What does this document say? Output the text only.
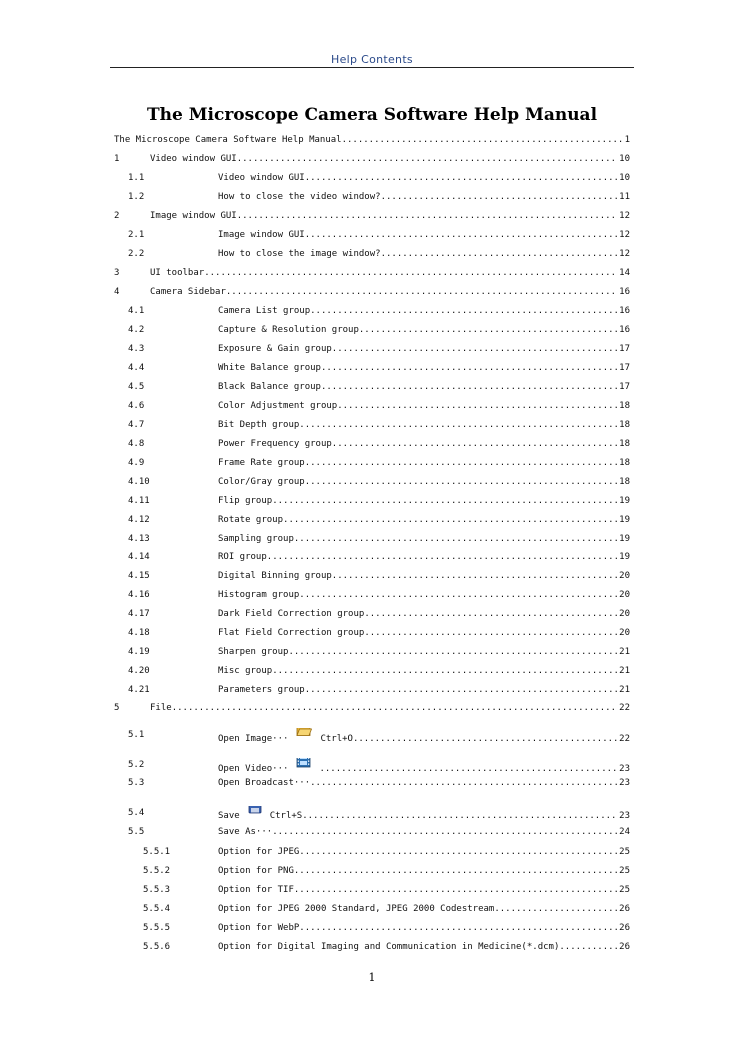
Help Contents
The Microscope Camera Software Help Manual
The Microscope Camera Software Help Manual .....	1
1	Video window GUI .....	10
1.1	Video window GUI .....	10
1.2	How to close the video window? .....	11
2	Image window GUI .....	12
2.1	Image window GUI .....	12
2.2	How to close the image window? .....	12
3	UI toolbar .....	14
4	Camera Sidebar .....	16
4.1	Camera List group .....	16
4.2	Capture & Resolution group .....	16
4.3	Exposure & Gain group .....	17
4.4	White Balance group .....	17
4.5	Black Balance group .....	17
4.6	Color Adjustment group .....	18
4.7	Bit Depth group .....	18
4.8	Power Frequency group .....	18
4.9	Frame Rate group .....	18
4.10	Color/Gray group .....	18
4.11	Flip group .....	19
4.12	Rotate group .....	19
4.13	Sampling group .....	19
4.14	ROI group .....	19
4.15	Digital Binning group .....	20
4.16	Histogram group .....	20
4.17	Dark Field Correction group .....	20
4.18	Flat Field Correction group .....	20
4.19	Sharpen group .....	21
4.20	Misc group .....	21
4.21	Parameters group .....	21
5	File .....	22
5.1	Open Image···	Ctrl+O .....	22
5.2	Open Video··· .....	23
5.3	Open Broadcast··· .....	23
5.4	Save	Ctrl+S .....	23
5.5	Save As··· .....	24
5.5.1	Option for JPEG .....	25
5.5.2	Option for PNG .....	25
5.5.3	Option for TIF .....	25
5.5.4	Option for JPEG 2000 Standard, JPEG 2000 Codestream .....	26
5.5.5	Option for WebP .....	26
5.5.6	Option for Digital Imaging and Communication in Medicine(*.dcm) .....	26
1
